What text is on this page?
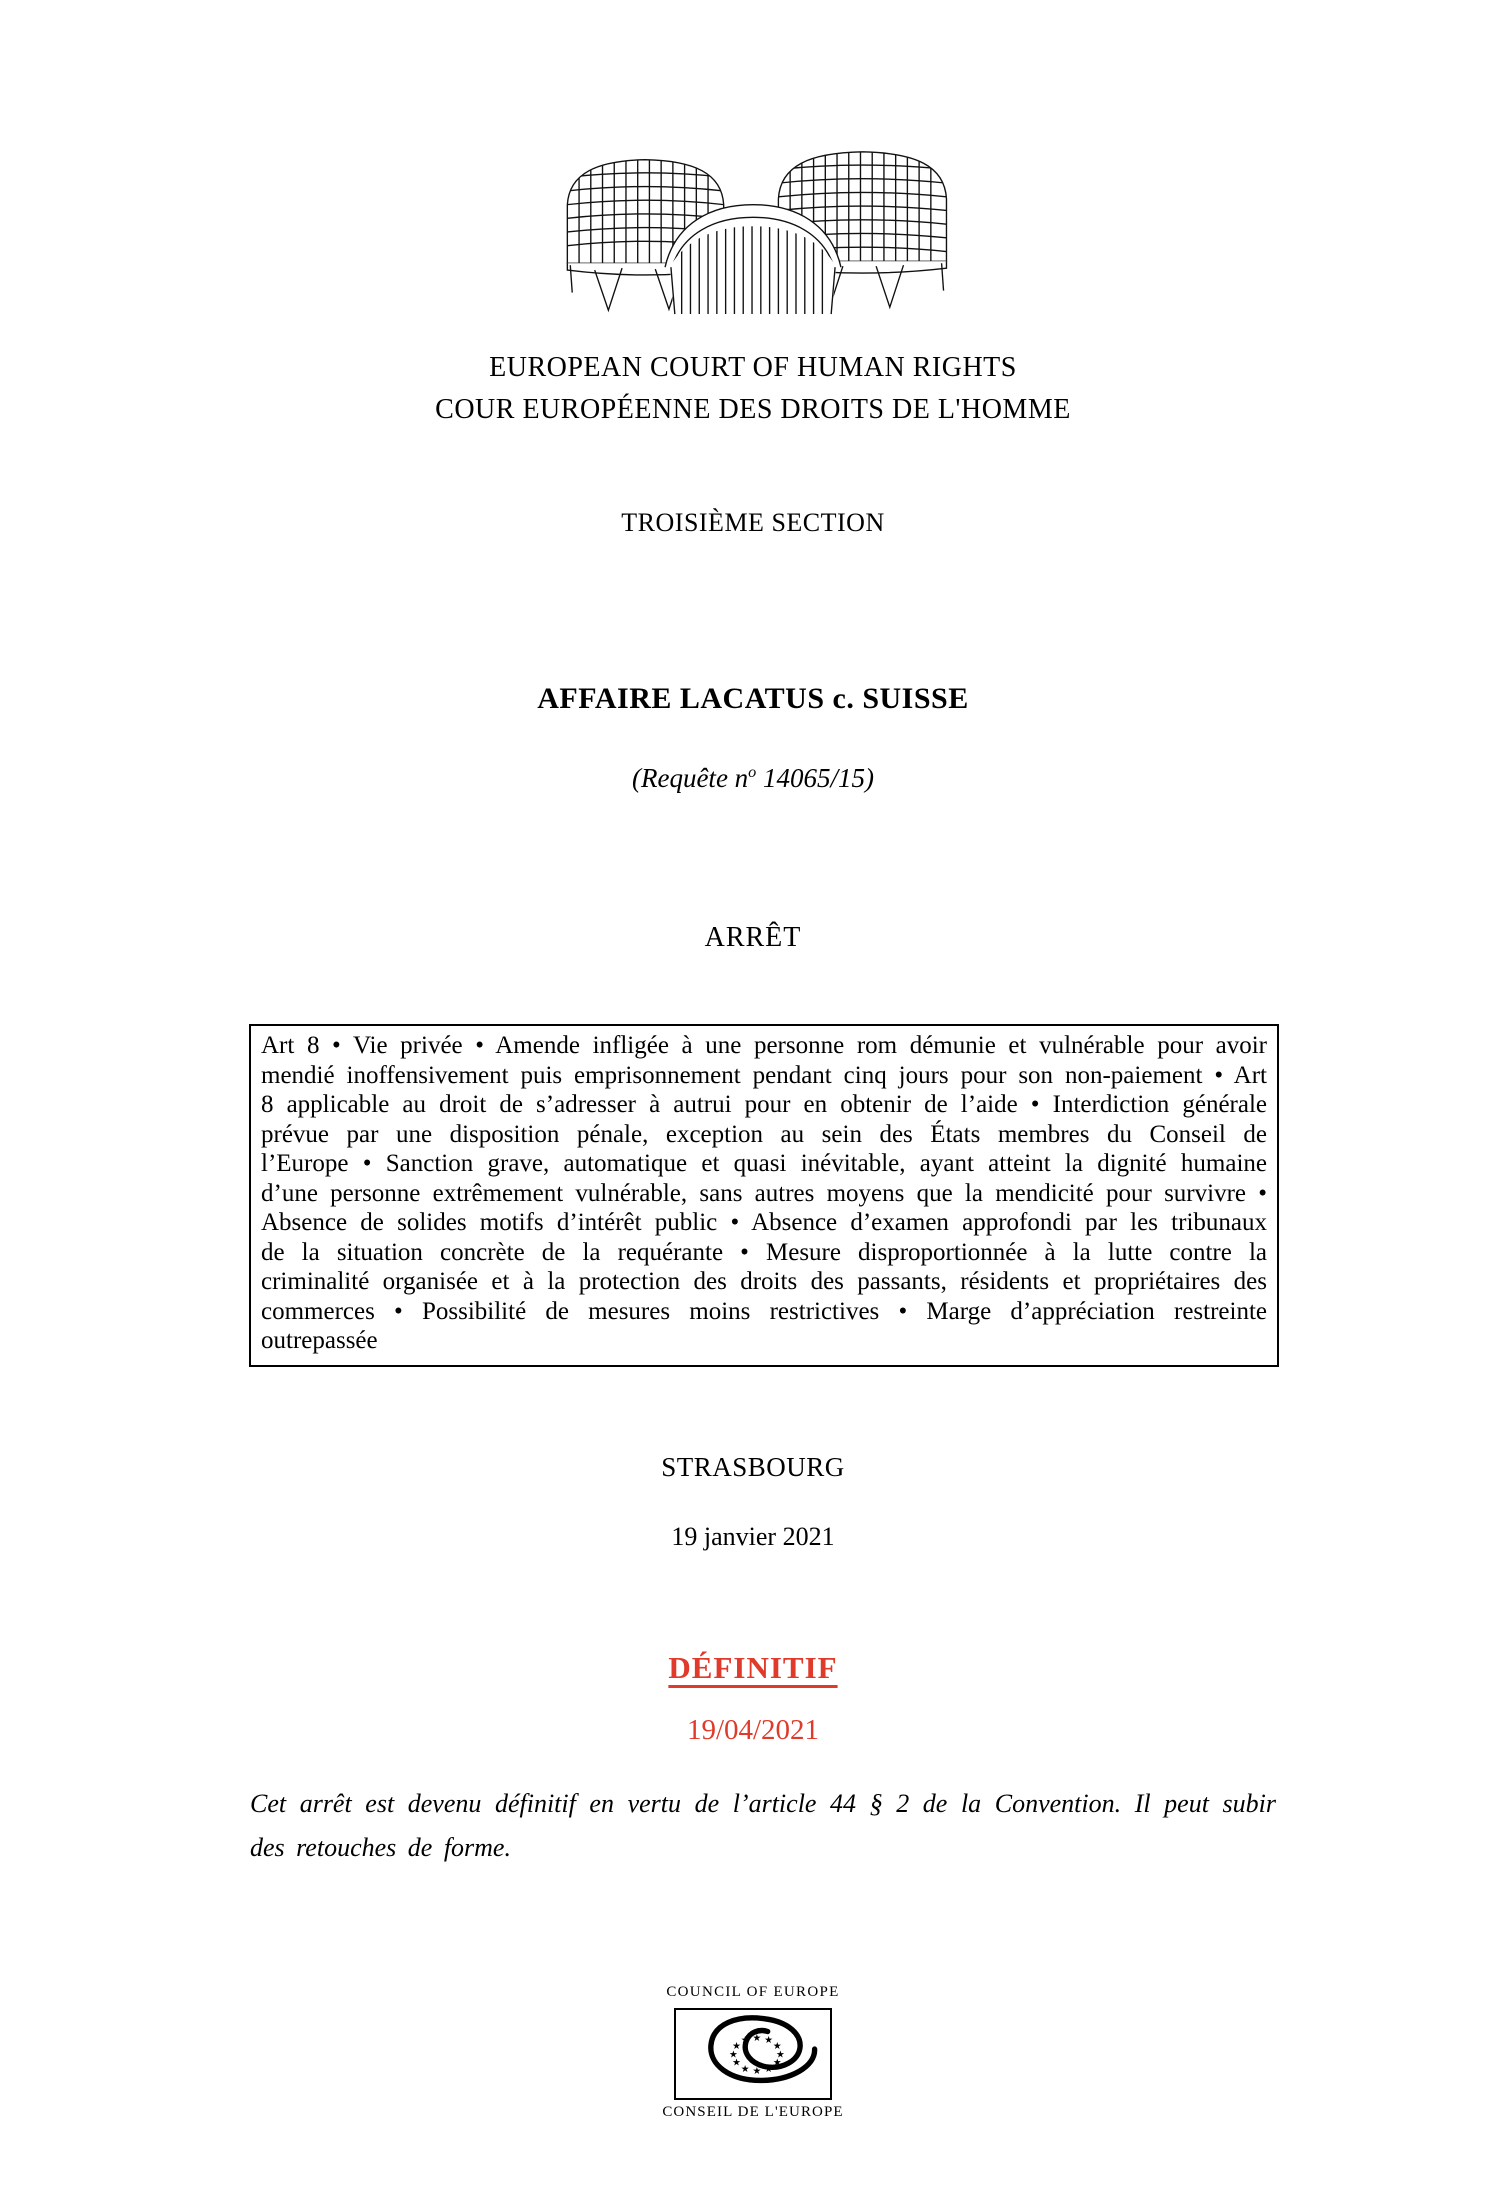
EUROPEAN COURT OF HUMAN RIGHTS
COUR EUROPÉENNE DES DROITS DE L'HOMME
TROISIÈME SECTION
AFFAIRE LACATUS c. SUISSE
(Requête $n^o$ 14065/15)
ARRÊT
Art 8 • Vie privée • Amende infligée à une personne rom démunie et vulnérable pour avoir mendié inoffensivement puis emprisonnement pendant cinq jours pour son non-paiement • Art 8 applicable au droit de s’adresser à autrui pour en obtenir de l’aide • Interdiction générale prévue par une disposition pénale, exception au sein des États membres du Conseil de l’Europe • Sanction grave, automatique et quasi inévitable, ayant atteint la dignité humaine d’une personne extrêmement vulnérable, sans autres moyens que la mendicité pour survivre • Absence de solides motifs d’intérêt public • Absence d’examen approfondi par les tribunaux de la situation concrète de la requérante • Mesure disproportionnée à la lutte contre la criminalité organisée et à la protection des droits des passants, résidents et propriétaires des commerces • Possibilité de mesures moins restrictives • Marge d’appréciation restreinte outrepassée
STRASBOURG
19 janvier 2021
DÉFINITIF
19/04/2021
Cet arrêt est devenu définitif en vertu de l’article 44 § 2 de la Convention. Il peut subir des retouches de forme.
COUNCIL OF EUROPE
★
★
★
★
★
★
★
★
★ ★ ★
★
CONSEIL DE L'EUROPE
